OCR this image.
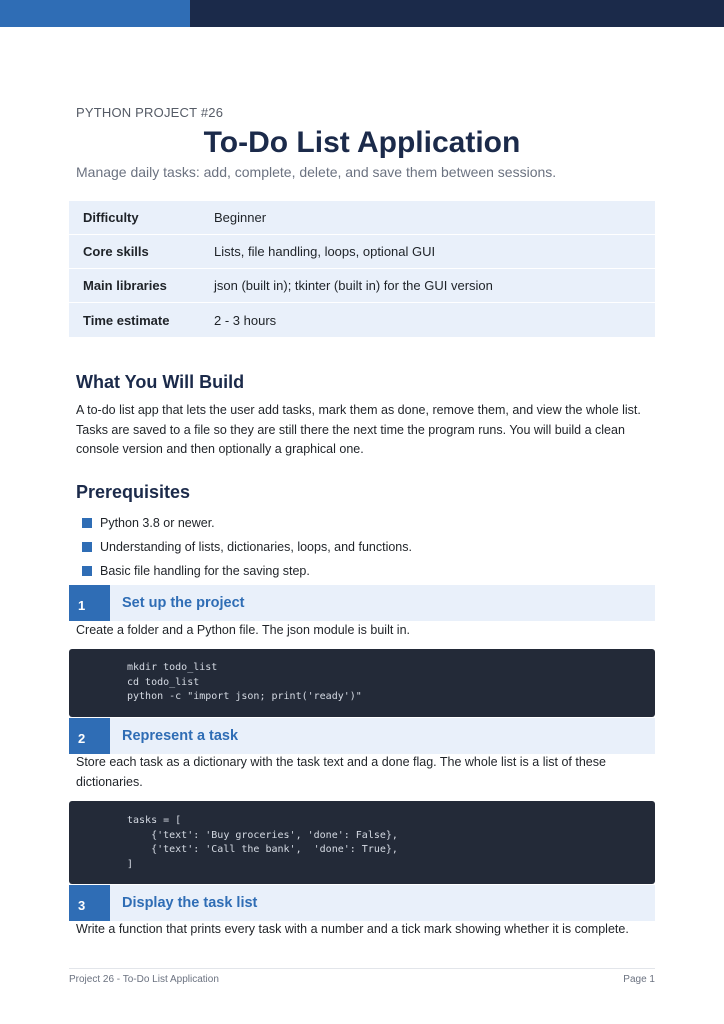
PYTHON PROJECT #26
To-Do List Application
Manage daily tasks: add, complete, delete, and save them between sessions.
Difficulty	Beginner
Core skills	Lists, file handling, loops, optional GUI
Main libraries	json (built in); tkinter (built in) for the GUI version
Time estimate	2 - 3 hours
What You Will Build

A to-do list app that lets the user add tasks, mark them as done, remove them, and view the whole list. Tasks are saved to a file so they are still there the next time the program runs. You will build a clean console version and then optionally a graphical one.

Prerequisites
Python 3.8 or newer.
Understanding of lists, dictionaries, loops, and functions.
Basic file handling for the saving step.
1	Set up the project

Create a folder and a Python file. The json module is built in.

mkdir todo_list
cd todo_list
python -c "import json; print('ready')"
2	Represent a task

Store each task as a dictionary with the task text and a done flag. The whole list is a list of these dictionaries.

tasks = [
{'text': 'Buy groceries', 'done': False},
{'text': 'Call the bank',  'done': True},
]
3	Display the task list

Write a function that prints every task with a number and a tick mark showing whether it is complete.

Project 26 - To-Do List Application	Page 1
